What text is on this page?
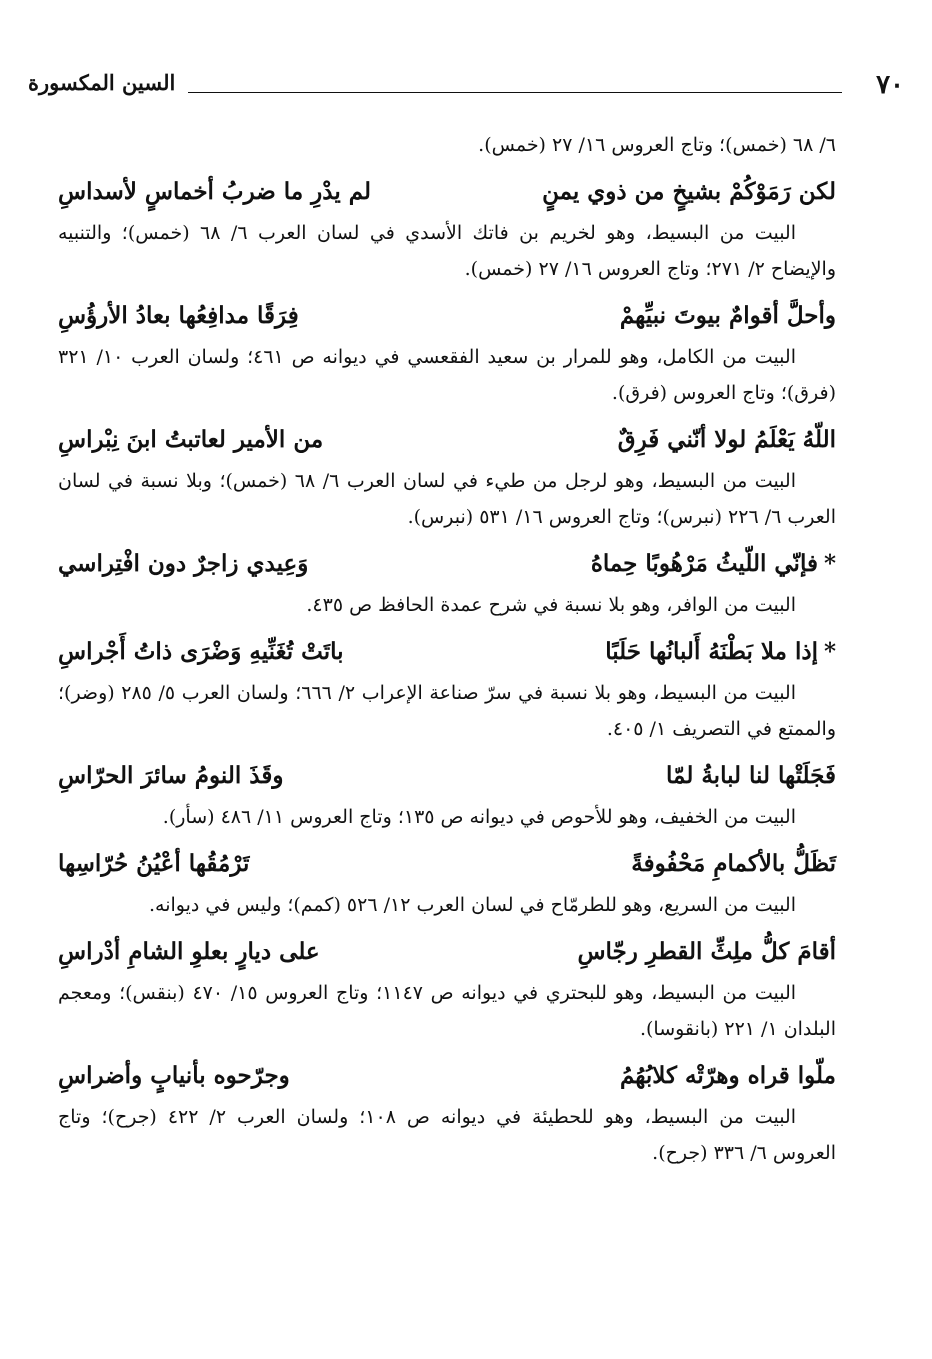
٧٠
السين المكسورة

٦/ ٦٨ (خمس)؛ وتاج العروس ١٦/ ٢٧ (خمس).

لكن رَمَوْكُمْ بشيخٍ من ذوي يمنٍ
لم يدْرِ ما ضربُ أخماسٍ لأسداسِ

البيت من البسيط، وهو لخريم بن فاتك الأسدي في لسان العرب ٦/ ٦٨ (خمس)؛ والتنبيه والإيضاح ٢/ ٢٧١؛ وتاج العروس ١٦/ ٢٧ (خمس).

وأحلَّ أقوامٌ بيوتَ نبيِّهمْ
فِرَقًا مدافِعُها بعادُ الأرؤُسِ

البيت من الكامل، وهو للمرار بن سعيد الفقعسي في ديوانه ص ٤٦١؛ ولسان العرب ١٠/ ٣٢١ (فرق)؛ وتاج العروس (فرق).

اللّهُ يَعْلَمُ لولا أنّني فَرِقٌ
من الأمير لعاتبتُ ابنَ نِبْراسِ

البيت من البسيط، وهو لرجل من طيء في لسان العرب ٦/ ٦٨ (خمس)؛ وبلا نسبة في لسان العرب ٦/ ٢٢٦ (نبرس)؛ وتاج العروس ١٦/ ٥٣١ (نبرس).

*فإنّي اللّيثُ مَرْهُوبًا حِماهُ
وَعِيدي زاجرٌ دون افْتِراسي

البيت من الوافر، وهو بلا نسبة في شرح عمدة الحافظ ص ٤٣٥.

*إذا ملا بَطْنَهُ أَلبانُها حَلَبًا
باتَتْ تُغَنِّيهِ وَضْرَى ذاتُ أَجْراسِ

البيت من البسيط، وهو بلا نسبة في سرّ صناعة الإعراب ٢/ ٦٦٦؛ ولسان العرب ٥/ ٢٨٥ (وضر)؛ والممتع في التصريف ١/ ٤٠٥.

فَجَلَتْها لنا لبابةُ لمّا
وقَذَ النومُ سائرَ الحرّاسِ

البيت من الخفيف، وهو للأحوص في ديوانه ص ١٣٥؛ وتاج العروس ١١/ ٤٨٦ (سأر).

تَظَلُّ بالأكمامِ مَحْفُوفةً
تَرْمُقُها أعْيُنُ حُرّاسِها

البيت من السريع، وهو للطرمّاح في لسان العرب ١٢/ ٥٢٦ (كمم)؛ وليس في ديوانه.

أقامَ كلُّ ملِثِّ القطرِ رجّاسِ
على ديارٍ بعلوِ الشامِ أدْراسِ

البيت من البسيط، وهو للبحتري في ديوانه ص ١١٤٧؛ وتاج العروس ١٥/ ٤٧٠ (بنقس)؛ ومعجم البلدان ١/ ٢٢١ (بانقوسا).

ملّوا قراه وهرّتْه كلابُهُمُ
وجرّحوه بأنيابٍ وأضراسِ

البيت من البسيط، وهو للحطيئة في ديوانه ص ١٠٨؛ ولسان العرب ٢/ ٤٢٢ (جرح)؛ وتاج العروس ٦/ ٣٣٦ (جرح).
